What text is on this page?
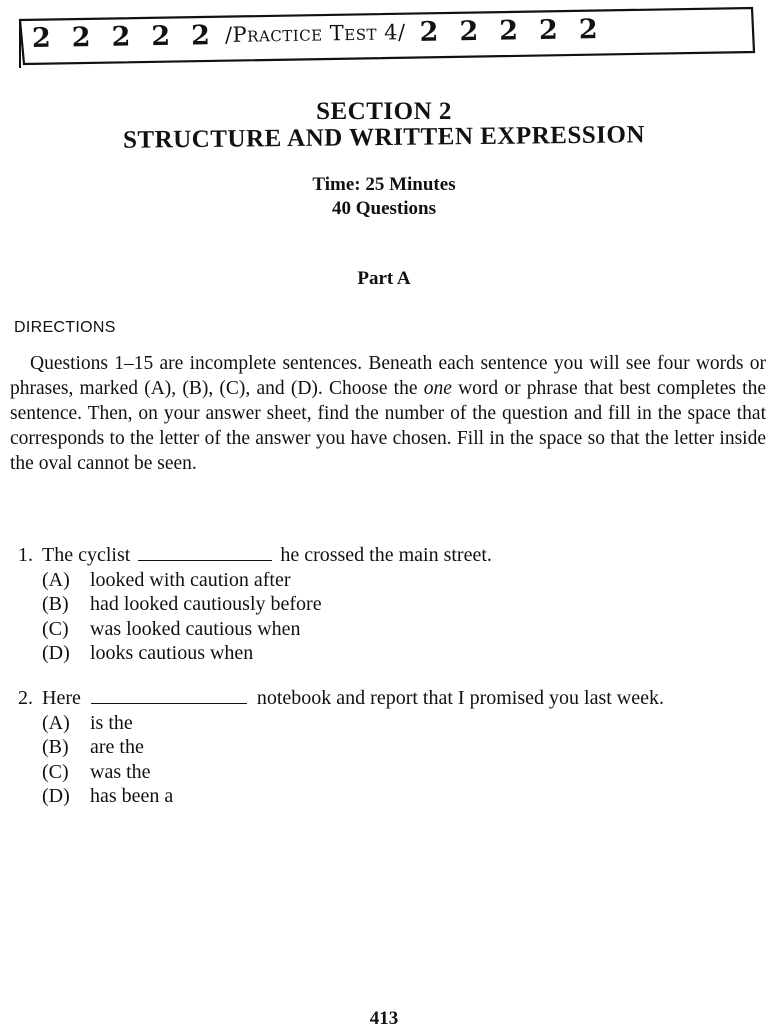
2 2 2 2 2 /Practice Test 4/ 2 2 2 2 2
SECTION 2
STRUCTURE AND WRITTEN EXPRESSION
Time: 25 Minutes
40 Questions
Part A
DIRECTIONS
Questions 1–15 are incomplete sentences. Beneath each sentence you will see four words or phrases, marked (A), (B), (C), and (D). Choose the one word or phrase that best completes the sentence. Then, on your answer sheet, find the number of the question and fill in the space that corresponds to the letter of the answer you have chosen. Fill in the space so that the letter inside the oval cannot be seen.
1. The cyclist	he crossed the main street.
(A)	looked with caution after
(B)	had looked cautiously before
(C)	was looked cautious when
(D)	looks cautious when
2. Here	notebook and report that I promised you last week.
(A)	is the
(B)	are the
(C)	was the
(D)	has been a
413
